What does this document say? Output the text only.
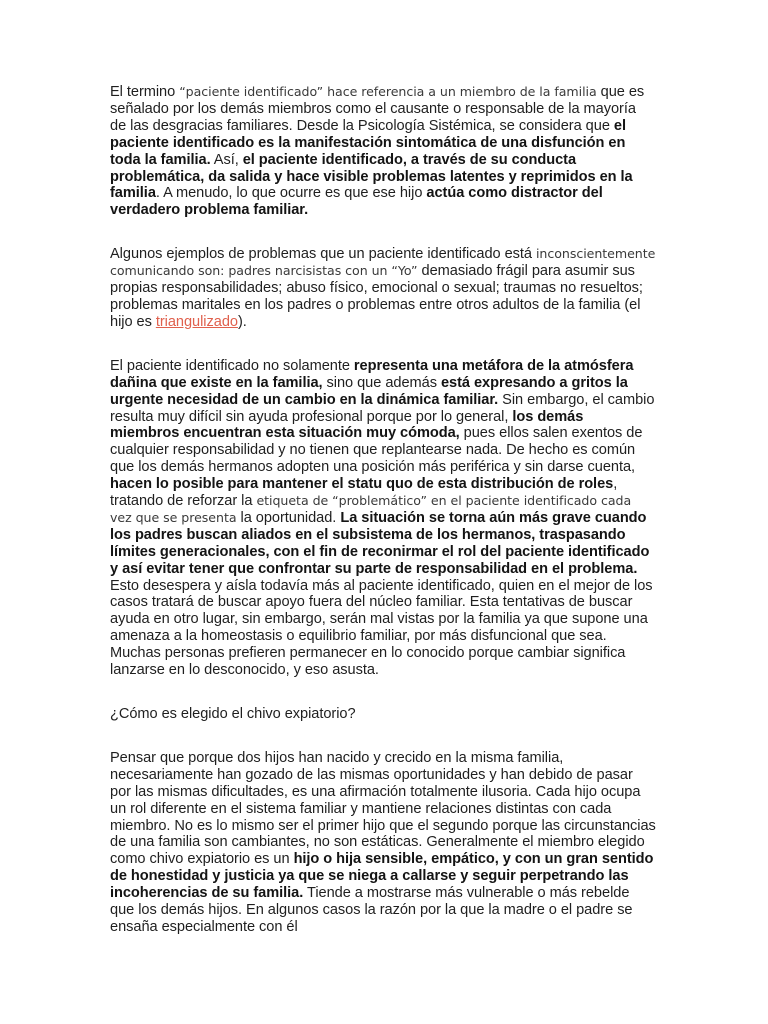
El termino “paciente identificado” hace referencia a un miembro de la familia que es señalado por los demás miembros como el causante o responsable de la mayoría de las desgracias familiares. Desde la Psicología Sistémica, se considera que el paciente identificado es la manifestación sintomática de una disfunción en toda la familia. Así, el paciente identificado, a través de su conducta problemática, da salida y hace visible problemas latentes y reprimidos en la familia. A menudo, lo que ocurre es que ese hijo actúa como distractor del verdadero problema familiar.

Algunos ejemplos de problemas que un paciente identificado está inconscientemente comunicando son: padres narcisistas con un “Yo” demasiado frágil para asumir sus propias responsabilidades; abuso físico, emocional o sexual; traumas no resueltos; problemas maritales en los padres o problemas entre otros adultos de la familia (el hijo es triangulizado).

El paciente identificado no solamente representa una metáfora de la atmósfera dañina que existe en la familia, sino que además está expresando a gritos la urgente necesidad de un cambio en la dinámica familiar. Sin embargo, el cambio resulta muy difícil sin ayuda profesional porque por lo general, los demás miembros encuentran esta situación muy cómoda, pues ellos salen exentos de cualquier responsabilidad y no tienen que replantearse nada. De hecho es común que los demás hermanos adopten una posición más periférica y sin darse cuenta, hacen lo posible para mantener el statu quo de esta distribución de roles, tratando de reforzar la etiqueta de “problemático” en el paciente identificado cada vez que se presenta la oportunidad. La situación se torna aún más grave cuando los padres buscan aliados en el subsistema de los hermanos, traspasando límites generacionales, con el fin de reconirmar el rol del paciente identificado y así evitar tener que confrontar su parte de responsabilidad en el problema. Esto desespera y aísla todavía más al paciente identificado, quien en el mejor de los casos tratará de buscar apoyo fuera del núcleo familiar. Esta tentativas de buscar ayuda en otro lugar, sin embargo, serán mal vistas por la familia ya que supone una amenaza a la homeostasis o equilibrio familiar, por más disfuncional que sea. Muchas personas prefieren permanecer en lo conocido porque cambiar significa lanzarse en lo desconocido, y eso asusta.

¿Cómo es elegido el chivo expiatorio?

Pensar que porque dos hijos han nacido y crecido en la misma familia, necesariamente han gozado de las mismas oportunidades y han debido de pasar por las mismas dificultades, es una afirmación totalmente ilusoria. Cada hijo ocupa un rol diferente en el sistema familiar y mantiene relaciones distintas con cada miembro. No es lo mismo ser el primer hijo que el segundo porque las circunstancias de una familia son cambiantes, no son estáticas. Generalmente el miembro elegido como chivo expiatorio es un hijo o hija sensible, empático, y con un gran sentido de honestidad y justicia ya que se niega a callarse y seguir perpetrando las incoherencias de su familia. Tiende a mostrarse más vulnerable o más rebelde que los demás hijos. En algunos casos la razón por la que la madre o el padre se ensaña especialmente con él
